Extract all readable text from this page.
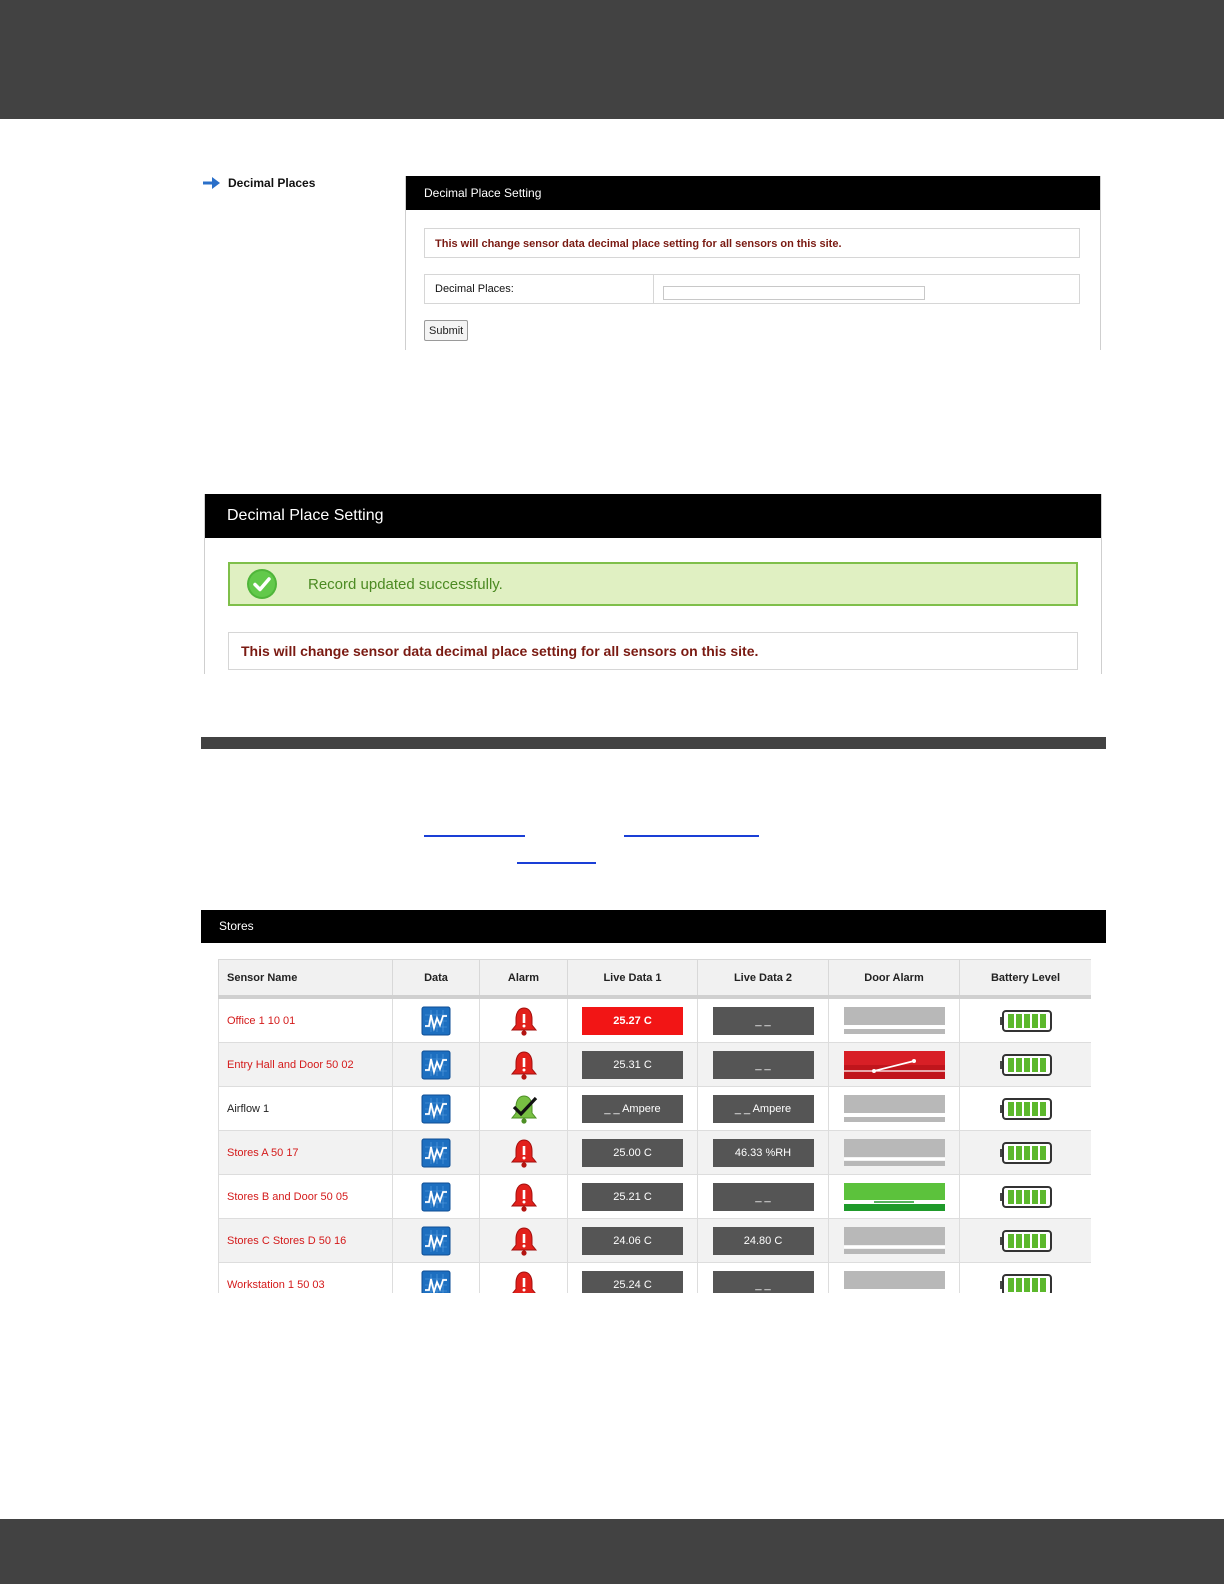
Decimal Places
Decimal Place Setting
This will change sensor data decimal place setting for all sensors on this site.
Decimal Places:
Submit
Decimal Place Setting
Record updated successfully.
This will change sensor data decimal place setting for all sensors on this site.
Stores
Sensor Name	Data	Alarm	Live Data 1	Live Data 2	Door Alarm	Battery Level
Office 1 10 01			25.27 C	_ _		
Entry Hall and Door 50 02			25.31 C	_ _		
Airflow 1			_ _ Ampere	_ _ Ampere		
Stores A 50 17			25.00 C	46.33 %RH		
Stores B and Door 50 05			25.21 C	_ _		
Stores C Stores D 50 16			24.06 C	24.80 C		
Workstation 1 50 03			25.24 C	_ _		
